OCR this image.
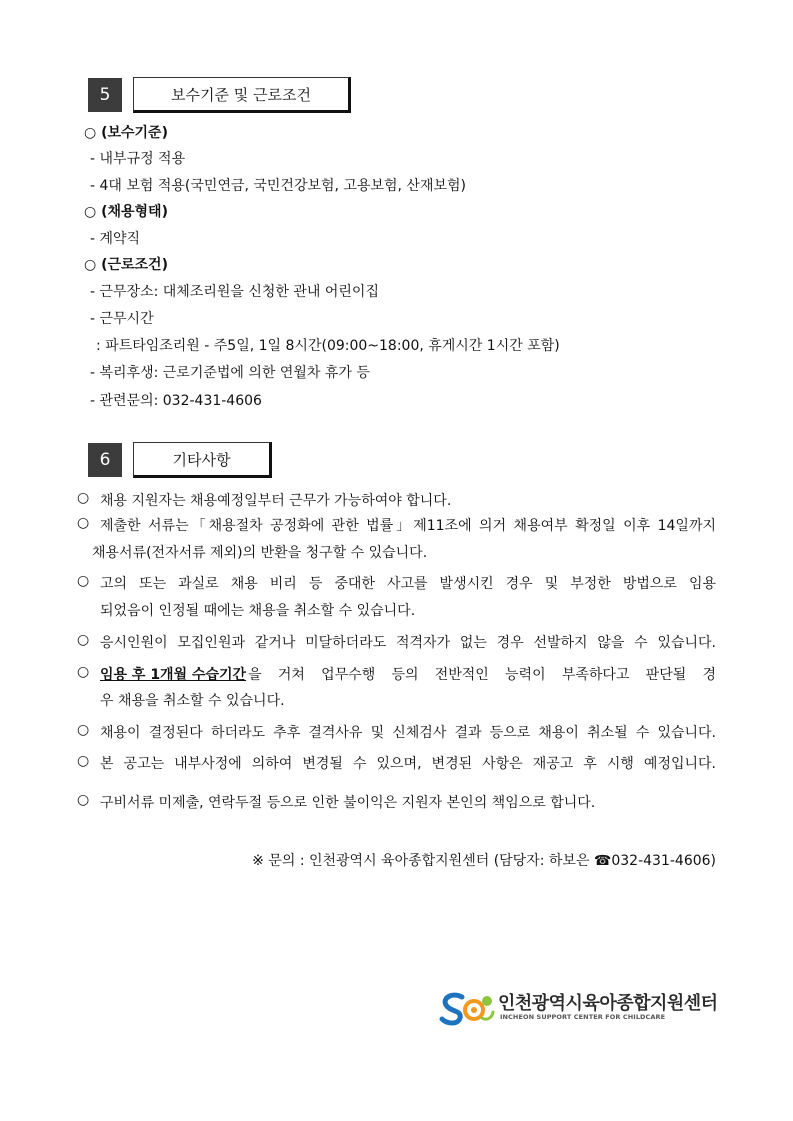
5	보수기준 및 근로조건
○ (보수기준)
- 내부규정 적용
- 4대 보험 적용(국민연금, 국민건강보험, 고용보험, 산재보험)
○ (채용형태)
- 계약직
○ (근로조건)
- 근무장소: 대체조리원을 신청한 관내 어린이집
- 근무시간
: 파트타임조리원 - 주5일, 1일 8시간(09:00~18:00, 휴게시간 1시간 포함)
- 복리후생: 근로기준법에 의한 연월차 휴가 등
- 관련문의: 032-431-4606
6	기타사항
○ 채용 지원자는 채용예정일부터 근무가 가능하여야 합니다.
○ 제출한 서류는「채용절차 공정화에 관한 법률」제11조에 의거 채용여부 확정일 이후 14일까지
채용서류(전자서류 제외)의 반환을 청구할 수 있습니다.
○ 고의 또는 과실로 채용 비리 등 중대한 사고를 발생시킨 경우 및 부정한 방법으로 임용
되었음이 인정될 때에는 채용을 취소할 수 있습니다.
○ 응시인원이 모집인원과 같거나 미달하더라도 적격자가 없는 경우 선발하지 않을 수 있습니다.
○ 임용 후 1개월 수습기간 을 거쳐 업무수행 등의 전반적인 능력이 부족하다고 판단될 경
우 채용을 취소할 수 있습니다.
○ 채용이 결정된다 하더라도 추후 결격사유 및 신체검사 결과 등으로 채용이 취소될 수 있습니다.
○ 본 공고는 내부사정에 의하여 변경될 수 있으며, 변경된 사항은 재공고 후 시행 예정입니다.
○ 구비서류 미제출, 연락두절 등으로 인한 불이익은 지원자 본인의 책임으로 합니다.
※ 문의 : 인천광역시 육아종합지원센터 (담당자: 하보은 ☎032-431-4606)
인천광역시육아종합지원센터
INCHEON SUPPORT CENTER FOR CHILDCARE
